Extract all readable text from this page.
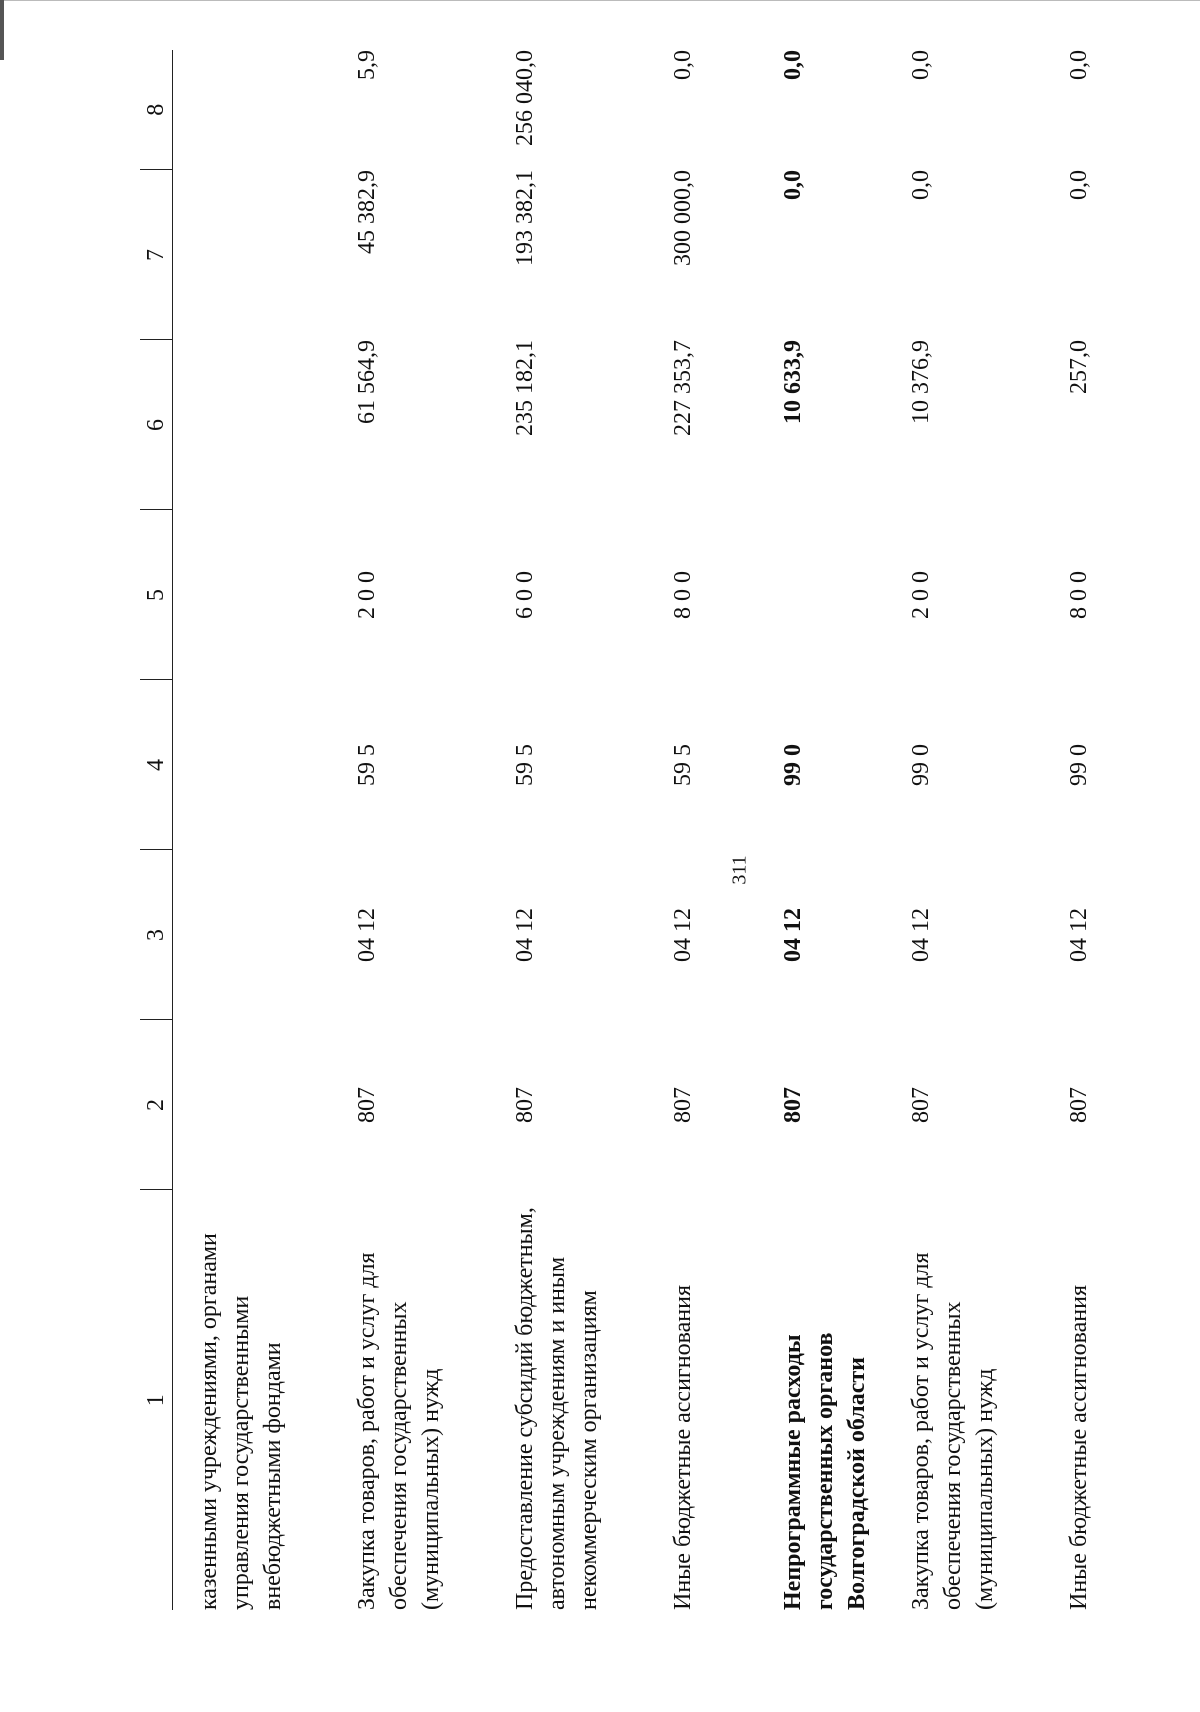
311
1	2	3	4	5	6	7	8
казенными учреждениями, органами управления государственными внебюджетными фондами							
Закупка товаров, работ и услуг для обеспечения государственных (муниципальных) нужд	807	04 12	59 5	2 0 0	61 564,9	45 382,9	5,9
Предоставление субсидий бюджетным, автономным учреждениям и иным некоммерческим организациям	807	04 12	59 5	6 0 0	235 182,1	193 382,1	256 040,0
Иные бюджетные ассигнования	807	04 12	59 5	8 0 0	227 353,7	300 000,0	0,0
Непрограммные расходы государственных органов Волгоградской области	807	04 12	99 0		10 633,9	0,0	0,0
Закупка товаров, работ и услуг для обеспечения государственных (муниципальных) нужд	807	04 12	99 0	2 0 0	10 376,9	0,0	0,0
Иные бюджетные ассигнования	807	04 12	99 0	8 0 0	257,0	0,0	0,0
